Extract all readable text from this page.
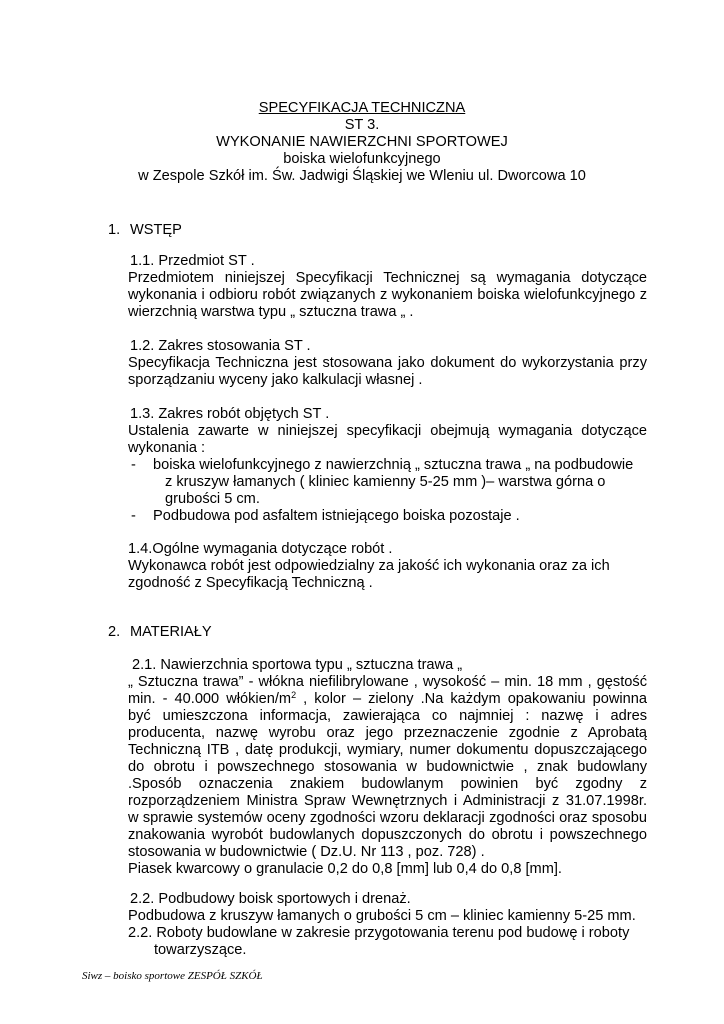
SPECYFIKACJA TECHNICZNA
ST 3.
WYKONANIE NAWIERZCHNI SPORTOWEJ
boiska wielofunkcyjnego
w Zespole Szkół im. Św. Jadwigi Śląskiej we Wleniu ul. Dworcowa 10
1. WSTĘP
1.1. Przedmiot ST .
Przedmiotem niniejszej Specyfikacji Technicznej są wymagania dotyczące
wykonania i odbioru robót związanych z wykonaniem boiska wielofunkcyjnego z
wierzchnią warstwa typu „ sztuczna trawa „ .
1.2. Zakres stosowania ST .
Specyfikacja Techniczna jest stosowana jako dokument do wykorzystania przy
sporządzaniu wyceny jako kalkulacji własnej .
1.3. Zakres robót objętych ST .
Ustalenia zawarte w niniejszej specyfikacji obejmują wymagania dotyczące
wykonania :
- boiska wielofunkcyjnego z nawierzchnią „ sztuczna trawa „ na podbudowie
z kruszyw łamanych ( kliniec kamienny 5-25 mm )– warstwa górna o
grubości 5 cm.
- Podbudowa pod asfaltem istniejącego boiska pozostaje .
1.4.Ogólne wymagania dotyczące robót .
Wykonawca robót jest odpowiedzialny za jakość ich wykonania oraz za ich
zgodność z Specyfikacją Techniczną .
2. MATERIAŁY
2.1. Nawierzchnia sportowa typu „ sztuczna trawa „
„ Sztuczna trawa” - włókna niefilibrylowane , wysokość – min. 18 mm , gęstość
min. - 40.000 włókien/$m^2$ , kolor – zielony .Na każdym opakowaniu powinna
być umieszczona informacja, zawierająca co najmniej : nazwę i adres
producenta, nazwę wyrobu oraz jego przeznaczenie zgodnie z Aprobatą
Techniczną ITB , datę produkcji, wymiary, numer dokumentu dopuszczającego
do obrotu i powszechnego stosowania w budownictwie , znak budowlany
.Sposób oznaczenia znakiem budowlanym powinien być zgodny z
rozporządzeniem Ministra Spraw Wewnętrznych i Administracji z 31.07.1998r.
w sprawie systemów oceny zgodności wzoru deklaracji zgodności oraz sposobu
znakowania wyrobót budowlanych dopuszczonych do obrotu i powszechnego
stosowania w budownictwie ( Dz.U. Nr 113 , poz. 728) .
Piasek kwarcowy o granulacie 0,2 do 0,8 [mm] lub 0,4 do 0,8 [mm].
2.2. Podbudowy boisk sportowych i drenaż.
Podbudowa z kruszyw łamanych o grubości 5 cm – kliniec kamienny 5-25 mm.
2.2. Roboty budowlane w zakresie przygotowania terenu pod budowę i roboty
towarzyszące.
Siwz – boisko sportowe ZESPÓŁ SZKÓŁ
